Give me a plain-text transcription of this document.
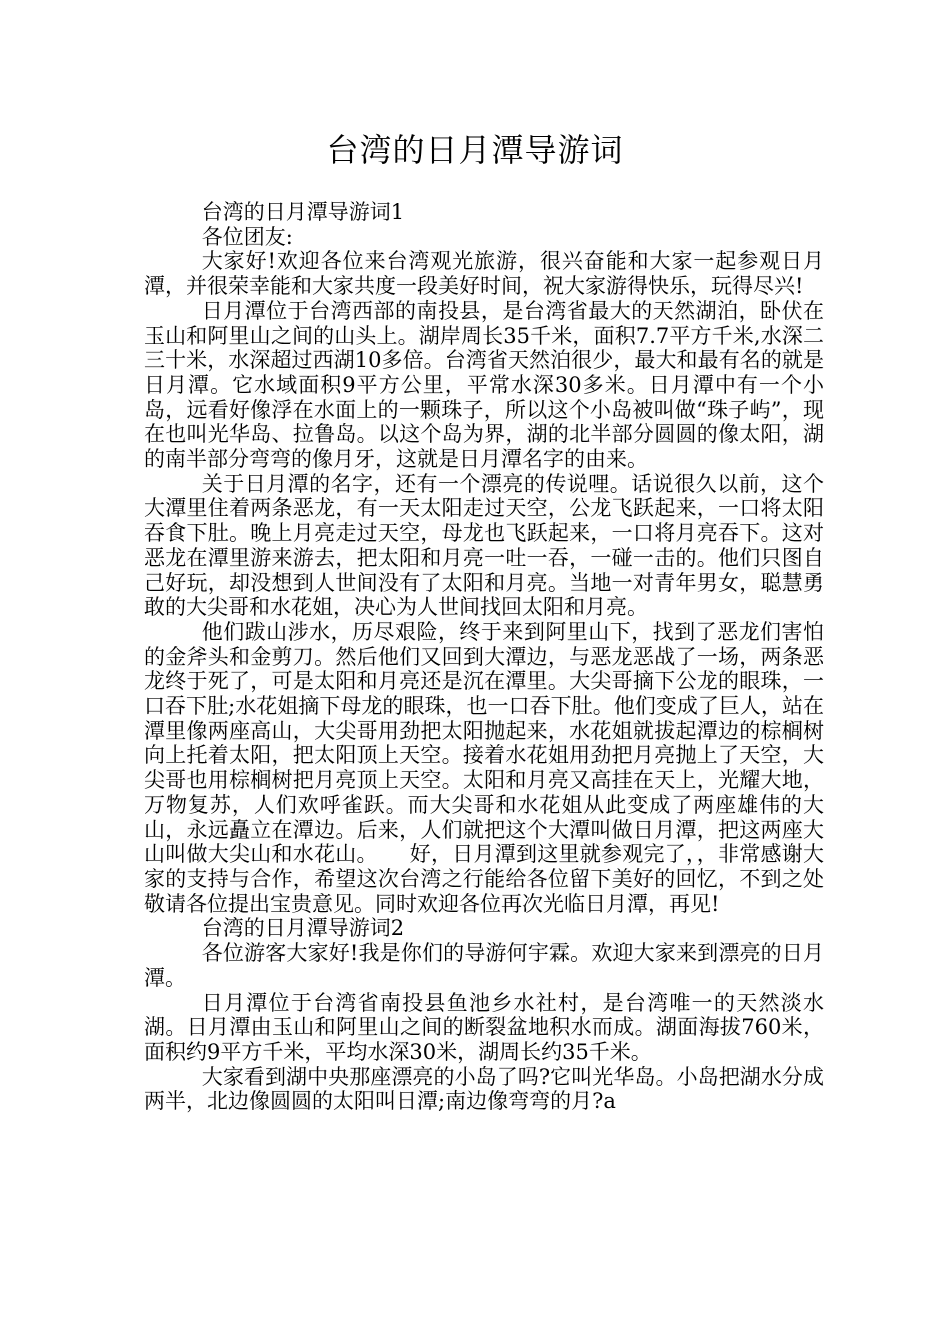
台湾的日月潭导游词

台湾的日月潭导游词1

各位团友:

大家好!欢迎各位来台湾观光旅游，很兴奋能和大家一起参观日月潭，并很荣幸能和大家共度一段美好时间，祝大家游得快乐，玩得尽兴!

日月潭位于台湾西部的南投县，是台湾省最大的天然湖泊，卧伏在玉山和阿里山之间的山头上。湖岸周长35千米，面积7.7平方千米,水深二三十米，水深超过西湖10多倍。台湾省天然泊很少，最大和最有名的就是日月潭。它水域面积9平方公里，平常水深30多米。日月潭中有一个小岛，远看好像浮在水面上的一颗珠子，所以这个小岛被叫做“珠子屿”，现在也叫光华岛、拉鲁岛。以这个岛为界，湖的北半部分圆圆的像太阳，湖的南半部分弯弯的像月牙，这就是日月潭名字的由来。

关于日月潭的名字，还有一个漂亮的传说哩。话说很久以前，这个大潭里住着两条恶龙，有一天太阳走过天空，公龙飞跃起来，一口将太阳吞食下肚。晚上月亮走过天空，母龙也飞跃起来，一口将月亮吞下。这对恶龙在潭里游来游去，把太阳和月亮一吐一吞，一碰一击的。他们只图自己好玩，却没想到人世间没有了太阳和月亮。当地一对青年男女，聪慧勇敢的大尖哥和水花姐，决心为人世间找回太阳和月亮。

他们跋山涉水，历尽艰险，终于来到阿里山下，找到了恶龙们害怕的金斧头和金剪刀。然后他们又回到大潭边，与恶龙恶战了一场，两条恶龙终于死了，可是太阳和月亮还是沉在潭里。大尖哥摘下公龙的眼珠，一口吞下肚;水花姐摘下母龙的眼珠，也一口吞下肚。他们变成了巨人，站在潭里像两座高山，大尖哥用劲把太阳抛起来，水花姐就拔起潭边的棕榈树向上托着太阳，把太阳顶上天空。接着水花姐用劲把月亮抛上了天空，大尖哥也用棕榈树把月亮顶上天空。太阳和月亮又高挂在天上，光耀大地，万物复苏，人们欢呼雀跃。而大尖哥和水花姐从此变成了两座雄伟的大山，永远矗立在潭边。后来，人们就把这个大潭叫做日月潭，把这两座大山叫做大尖山和水花山。　　好，日月潭到这里就参观完了，，非常感谢大家的支持与合作，希望这次台湾之行能给各位留下美好的回忆，不到之处敬请各位提出宝贵意见。同时欢迎各位再次光临日月潭，再见!

台湾的日月潭导游词2

各位游客大家好!我是你们的导游何宇霖。欢迎大家来到漂亮的日月潭。

日月潭位于台湾省南投县鱼池乡水社村，是台湾唯一的天然淡水湖。日月潭由玉山和阿里山之间的断裂盆地积水而成。湖面海拔760米，面积约9平方千米，平均水深30米，湖周长约35千米。

大家看到湖中央那座漂亮的小岛了吗?它叫光华岛。小岛把湖水分成两半，北边像圆圆的太阳叫日潭;南边像弯弯的月?a
